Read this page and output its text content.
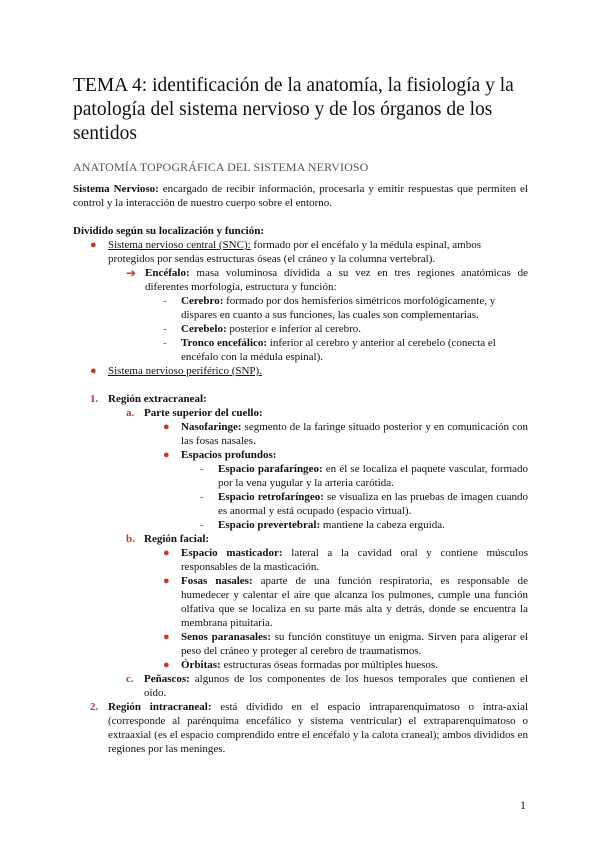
TEMA 4: identificación de la anatomía, la fisiología y la patología del sistema nervioso y de los órganos de los sentidos
ANATOMÍA TOPOGRÁFICA DEL SISTEMA NERVIOSO
Sistema Nervioso: encargado de recibir información, procesarla y emitir respuestas que permiten el control y la interacción de nuestro cuerpo sobre el entorno.
Dividido según su localización y función:
● Sistema nervioso central (SNC): formado por el encéfalo y la médula espinal, ambos protegidos por sendas estructuras óseas (el cráneo y la columna vertebral).
➔ Encéfalo: masa voluminosa dividida a su vez en tres regiones anatómicas de diferentes morfología, estructura y función:
- Cerebro: formado por dos hemisferios simétricos morfológicamente, y dispares en cuanto a sus funciones, las cuales son complementarias.
- Cerebelo: posterior e inferior al cerebro.
- Tronco encefálico: inferior al cerebro y anterior al cerebelo (conecta el encéfalo con la médula espinal).
● Sistema nervioso periférico (SNP).
1. Región extracraneal:
a. Parte superior del cuello:
● Nasofaringe: segmento de la faringe situado posterior y en comunicación con las fosas nasales.
● Espacios profundos:
- Espacio parafaríngeo: en él se localiza el paquete vascular, formado por la vena yugular y la arteria carótida.
- Espacio retrofaríngeo: se visualiza en las pruebas de imagen cuando es anormal y está ocupado (espacio virtual).
- Espacio prevertebral: mantiene la cabeza erguida.
b. Región facial:
● Espacio masticador: lateral a la cavidad oral y contiene músculos responsables de la masticación.
● Fosas nasales: aparte de una función respiratoria, es responsable de humedecer y calentar el aire que alcanza los pulmones, cumple una función olfativa que se localiza en su parte más alta y detrás, donde se encuentra la membrana pituitaria.
● Senos paranasales: su función constituye un enigma. Sirven para aligerar el peso del cráneo y proteger al cerebro de traumatismos.
● Órbitas: estructuras óseas formadas por múltiples huesos.
c. Peñascos: algunos de los componentes de los huesos temporales que contienen el oído.
2. Región intracraneal: está dividido en el espacio intraparenquimatoso o intra-axial (corresponde al parénquima encefálico y sistema ventricular) el extraparenquimatoso o extraaxial (es el espacio comprendido entre el encéfalo y la calota craneal); ambos divididos en regiones por las meninges.
1
